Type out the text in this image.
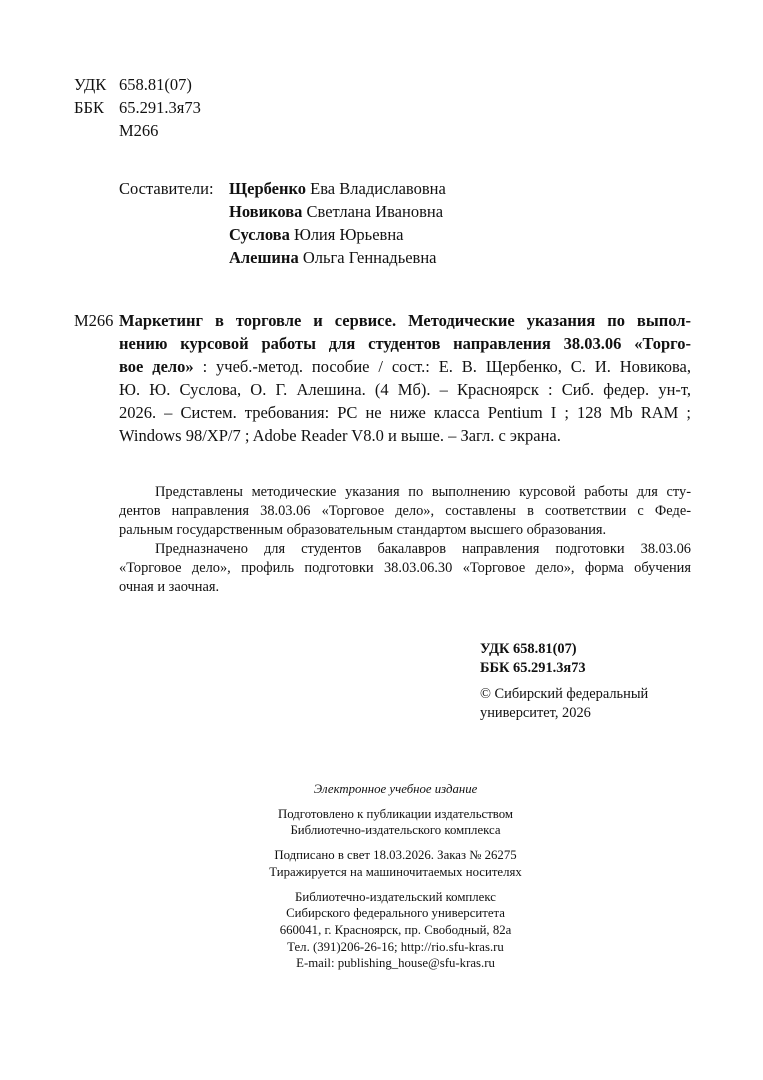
УДК 658.81(07)
ББК 65.291.3я73
М266
Составители: Щербенко Ева Владиславовна
Новикова Светлана Ивановна
Суслова Юлия Юрьевна
Алешина Ольга Геннадьевна
М266 Маркетинг в торговле и сервисе. Методические указания по выпол-

нению курсовой работы для студентов направления 38.03.06 «Торго-

вое дело» : учеб.-метод. пособие / сост.: Е. В. Щербенко, С. И. Новикова,

Ю. Ю. Суслова, О. Г. Алешина. (4 Мб). – Красноярск : Сиб. федер. ун-т,

2026. – Систем. требования: PC не ниже класса Pentium I ; 128 Mb RAM ;

Windows 98/XP/7 ; Adobe Reader V8.0 и выше. – Загл. с экрана.

Представлены методические указания по выполнению курсовой работы для сту-
дентов направления 38.03.06 «Торговое дело», составлены в соответствии с Феде-
ральным государственным образовательным стандартом высшего образования.

Предназначено для студентов бакалавров направления подготовки 38.03.06
«Торговое дело», профиль подготовки 38.03.06.30 «Торговое дело», форма обучения
очная и заочная.

УДК 658.81(07)
ББК 65.291.3я73
© Сибирский федеральный
университет, 2026
Электронное учебное издание
Подготовлено к публикации издательством
Библиотечно-издательского комплекса
Подписано в свет 18.03.2026. Заказ № 26275
Тиражируется на машиночитаемых носителях
Библиотечно-издательский комплекс
Сибирского федерального университета
660041, г. Красноярск, пр. Свободный, 82а
Тел. (391)206-26-16; http://rio.sfu-kras.ru
E-mail: publishing_house@sfu-kras.ru
